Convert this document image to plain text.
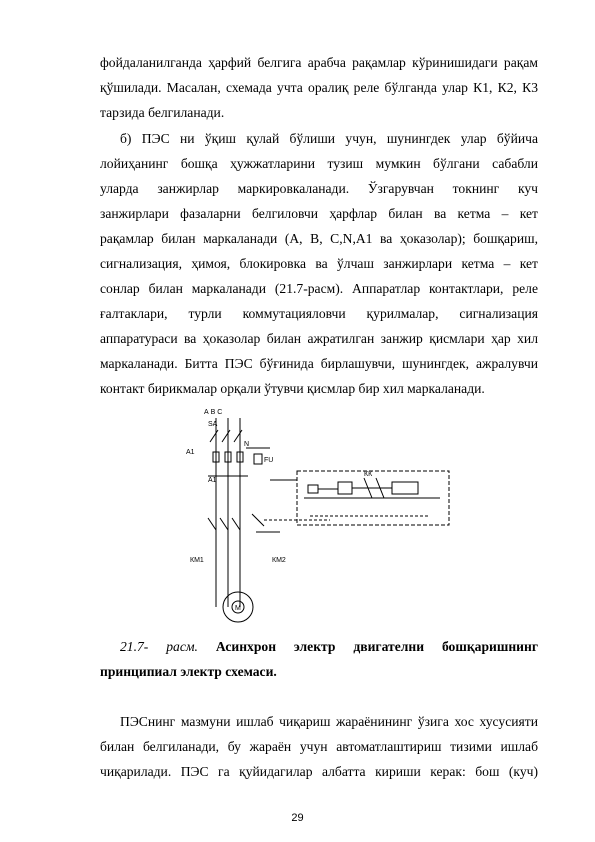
фойдаланилганда ҳарфий белгига арабча рақамлар кўринишидаги рақам
қўшилади. Масалан, схемада учта оралиқ реле бўлганда улар К1, К2, К3
тарзида белгиланади.
б) ПЭС ни ўқиш қулай бўлиши учун, шунингдек улар бўйича
лойиҳанинг бошқа ҳужжатларини тузиш мумкин бўлгани сабабли
уларда занжирлар маркировкаланади. Ўзгарувчан токнинг куч
занжирлари фазаларни белгиловчи ҳарфлар билан ва кетма – кет
рақамлар билан маркаланади (А, В, С,N,А1 ва ҳоказолар); бошқариш,
сигнализация, ҳимоя, блокировка ва ўлчаш занжирлари кетма – кет
сонлар билан маркаланади (21.7-расм). Аппаратлар контактлари, реле
ғалтаклари, турли коммутацияловчи қурилмалар, сигнализация
аппаратураси ва ҳоказолар билан ажратилган занжир қисмлари ҳар хил
маркаланади. Битта ПЭС бўғинида бирлашувчи, шунингдек, ажралувчи
контакт бирикмалар орқали ўтувчи қисмлар бир хил маркаланади.
А В С
SA
А1
N
FU
А1
КК
КМ1	КМ2
М
21.7- расм. Асинхрон электр двигателни бошқаришнинг
принципиал электр схемаси.
ПЭСнинг мазмуни ишлаб чиқариш жараёнининг ўзига хос хусусияти
билан белгиланади, бу жараён учун автоматлаштириш тизими ишлаб
чиқарилади. ПЭС га қуйидагилар албатта кириши керак: бош (куч)
29
